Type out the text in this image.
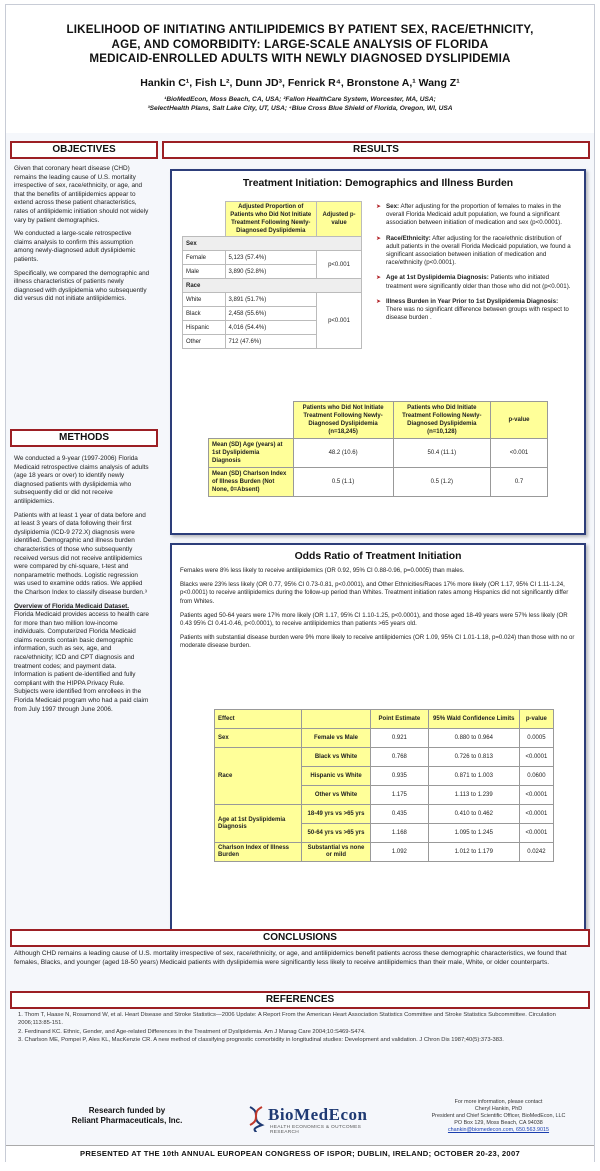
LIKELIHOOD OF INITIATING ANTILIPIDEMICS BY PATIENT SEX, RACE/ETHNICITY,
AGE, AND COMORBIDITY: LARGE-SCALE ANALYSIS OF FLORIDA
MEDICAID-ENROLLED ADULTS WITH NEWLY DIAGNOSED DYSLIPIDEMIA
Hankin C¹, Fish L², Dunn JD³, Fenrick R⁴, Bronstone A,¹ Wang Z¹
¹BioMedEcon, Moss Beach, CA, USA; ²Fallon HealthCare System, Worcester, MA, USA;
³SelectHealth Plans, Salt Lake City, UT, USA; ⁴Blue Cross Blue Shield of Florida, Oregon, WI, USA
OBJECTIVES	RESULTS
METHODS

Given that coronary heart disease (CHD) remains the leading cause of U.S. mortality irrespective of sex, race/ethnicity, or age, and that the benefits of antilipidemics appear to extend across these patient characteristics, rates of antilipidemic initiation should not widely vary by patient demographics.

We conducted a large-scale retrospective claims analysis to confirm this assumption among newly-diagnosed adult dyslipidemic patients.

Specifically, we compared the demographic and illness characteristics of patients newly diagnosed with dyslipidemia who subsequently did versus did not initiate antilipidemics.

We conducted a 9-year (1997-2006) Florida Medicaid retrospective claims analysis of adults (age 18 years or over) to identify newly diagnosed patients with dyslipidemia who subsequently did or did not receive antilipidemics.

Patients with at least 1 year of data before and at least 3 years of data following their first dyslipidemia (ICD-9 272.X) diagnosis were identified. Demographic and illness burden characteristics of those who subsequently received versus did not receive antilipidemics were compared by chi-square, t-test and nonparametric methods. Logistic regression was used to examine odds ratios. We applied the Charlson Index to classify disease burden.³

Overview of Florida Medicaid Dataset. Florida Medicaid provides access to health care for more than two million low-income individuals. Computerized Florida Medicaid claims records contain basic demographic information, such as sex, age, and race/ethnicity; ICD and CPT diagnosis and treatment codes; and payment data. Information is patient de-identified and fully compliant with the HIPPA Privacy Rule. Subjects were identified from enrollees in the Florida Medicaid program who had a paid claim from July 1997 through June 2006.

Treatment Initiation: Demographics and Illness Burden
	Adjusted Proportion of Patients who Did Not Initiate Treatment Following Newly-Diagnosed Dyslipidemia	Adjusted p-value
Sex		
Female	5,123 (57.4%)	p<0.001
Male	3,890 (52.8%)	
Race		
White	3,891 (51.7%)	p<0.001
Black	2,458 (55.6%)	
Hispanic	4,016 (54.4%)	
Other	712 (47.6%)	
➤ Sex: After adjusting for the proportion of females to males in the overall Florida Medicaid adult population, we found a significant association between initiation of medication and sex (p<0.0001).
➤ Race/Ethnicity: After adjusting for the race/ethnic distribution of adult patients in the overall Florida Medicaid population, we found a significant association between initiation of medication and race/ethnicity (p<0.0001).
➤ Age at 1st Dyslipidemia Diagnosis: Patients who initiated treatment were significantly older than those who did not (p<0.001).
➤ Illness Burden in Year Prior to 1st Dyslipidemia Diagnosis: There was no significant difference between groups with respect to disease burden .
	Patients who Did Not Initiate Treatment Following Newly-Diagnosed Dyslipidemia (n=18,245)	Patients who Did Initiate Treatment Following Newly-Diagnosed Dyslipidemia (n=10,128)	p-value
Mean (SD) Age (years) at 1st Dyslipidemia Diagnosis	48.2 (10.6)	50.4 (11.1)	<0.001
Mean (SD) Charlson Index of Illness Burden (Not None, 0=Absent)	0.5 (1.1)	0.5 (1.2)	0.7
Odds Ratio of Treatment Initiation

Females were 8% less likely to receive antilipidemics (OR 0.92, 95% CI 0.88-0.96, p=0.0005) than males.

Blacks were 23% less likely (OR 0.77, 95% CI 0.73-0.81, p<0.0001), and Other Ethnicities/Races 17% more likely (OR 1.17, 95% CI 1.11-1.24, p<0.0001) to receive antilipidemics during the follow-up period than Whites. Treatment initiation rates among Hispanics did not significantly differ from Whites.

Patients aged 50-64 years were 17% more likely (OR 1.17, 95% CI 1.10-1.25, p<0.0001), and those aged 18-49 years were 57% less likely (OR 0.43 95% CI 0.41-0.46, p<0.0001), to receive antilipidemics than patients >65 years old.

Patients with substantial disease burden were 9% more likely to receive antilipidemics (OR 1.09, 95% CI 1.01-1.18, p=0.024) than those with no or moderate disease burden.

Effect		Point Estimate	95% Wald Confidence Limits	p-value
Sex	Female vs Male	0.921	0.880 to 0.964	0.0005
Race	Black vs White	0.768	0.726 to 0.813	<0.0001
	Hispanic vs White	0.935	0.871 to 1.003	0.0600
	Other vs White	1.175	1.113 to 1.239	<0.0001
Age at 1st Dyslipidemia Diagnosis	18-49 yrs vs >65 yrs	0.435	0.410 to 0.462	<0.0001
	50-64 yrs vs >65 yrs	1.168	1.095 to 1.245	<0.0001
Charlson Index of Illness Burden	Substantial vs none or mild	1.092	1.012 to 1.179	0.0242
CONCLUSIONS
Although CHD remains a leading cause of U.S. mortality irrespective of sex, race/ethnicity, or age, and antilipidemics benefit patients across these demographic characteristics, we found that females, Blacks, and younger (aged 18-50 years) Medicaid patients with dyslipidemia were significantly less likely to receive antilipidemics than their male, White, or older counterparts.
REFERENCES
1. Thom T, Haase N, Rosamond W, et al. Heart Disease and Stroke Statistics—2006 Update: A Report From the American Heart Association Statistics Committee and Stroke Statistics Subcommittee. Circulation 2006;113:85-151.
2. Ferdinand KC. Ethnic, Gender, and Age-related Differences in the Treatment of Dyslipidemia. Am J Manag Care 2004;10:S469-S474.
3. Charlson ME, Pompei P, Ales KL, MacKenzie CR. A new method of classifying prognostic comorbidity in longitudinal studies: Development and validation. J Chron Dis 1987;40(5):373-383.
Research funded by
Reliant Pharmaceuticals, Inc.	BioMedEcon
HEALTH ECONOMICS & OUTCOMES RESEARCH
For more information, please contact
Cheryl Hankin, PhD
President and Chief Scientific Officer, BioMedEcon, LLC
PO Box 129, Moss Beach, CA 94038
chankin@biomedecon.com, 650.563.9015
PRESENTED AT THE 10th ANNUAL EUROPEAN CONGRESS OF ISPOR; DUBLIN, IRELAND; OCTOBER 20-23, 2007
